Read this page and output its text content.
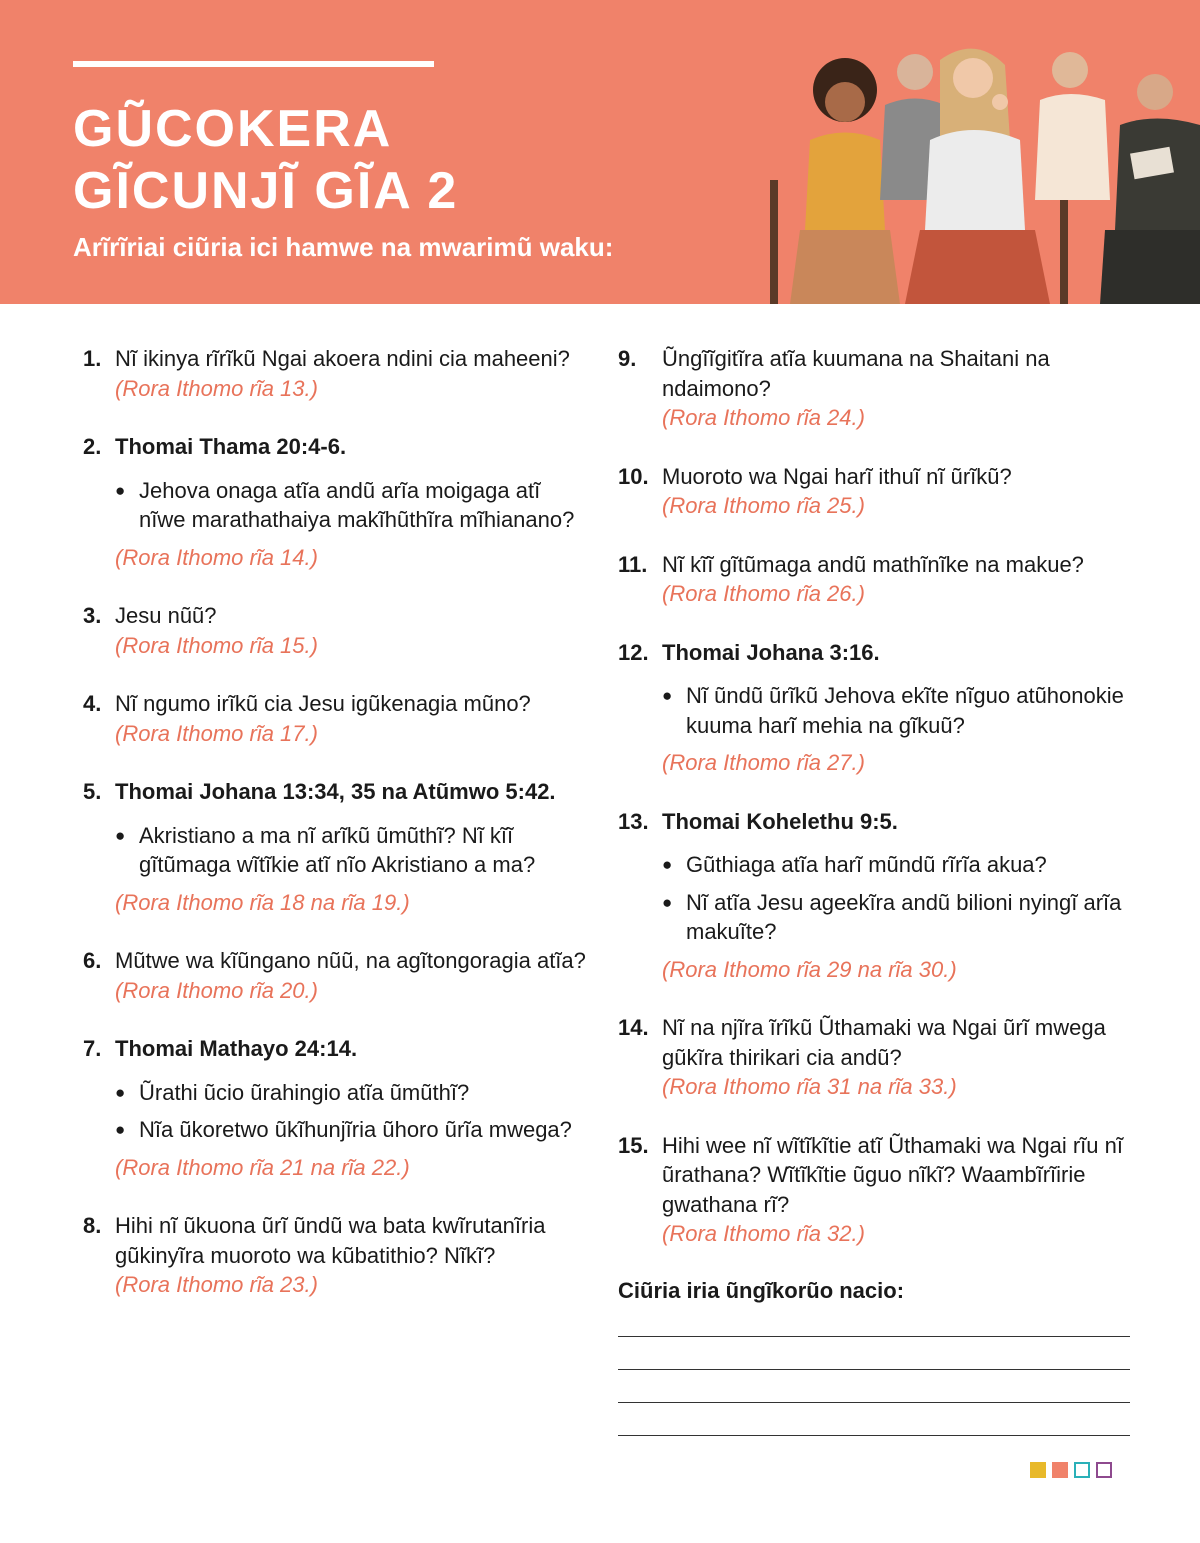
GŨCOKERA
GĨCUNJĨ GĨA 2
Arĩrĩriai ciũria ici hamwe na mwarimũ waku:
1. Nĩ ikinya rĩrĩkũ Ngai akoera ndini cia maheeni?
(Rora Ithomo rĩa 13.)
2. Thomai Thama 20:4-6.
● Jehova onaga atĩa andũ arĩa moigaga atĩ nĩwe marathathaiya makĩhũthĩra mĩhianano?
(Rora Ithomo rĩa 14.)
3. Jesu nũũ?
(Rora Ithomo rĩa 15.)
4. Nĩ ngumo irĩkũ cia Jesu igũkenagia mũno?
(Rora Ithomo rĩa 17.)
5. Thomai Johana 13:34, 35 na Atũmwo 5:42.
● Akristiano a ma nĩ arĩkũ ũmũthĩ? Nĩ kĩĩ gĩtũmaga wĩtĩkie atĩ nĩo Akristiano a ma?
(Rora Ithomo rĩa 18 na rĩa 19.)
6. Mũtwe wa kĩũngano nũũ, na agĩtongoragia atĩa?
(Rora Ithomo rĩa 20.)
7. Thomai Mathayo 24:14.
● Ũrathi ũcio ũrahingio atĩa ũmũthĩ?
● Nĩa ũkoretwo ũkĩhunjĩria ũhoro ũrĩa mwega?
(Rora Ithomo rĩa 21 na rĩa 22.)
8. Hihi nĩ ũkuona ũrĩ ũndũ wa bata kwĩrutanĩria gũkinyĩra muoroto wa kũbatithio? Nĩkĩ?
(Rora Ithomo rĩa 23.)
9.	Ũngĩĩgitĩra atĩa kuumana na Shaitani na ndaimono?
(Rora Ithomo rĩa 24.)
10. Muoroto wa Ngai harĩ ithuĩ nĩ ũrĩkũ?
(Rora Ithomo rĩa 25.)
11. Nĩ kĩĩ gĩtũmaga andũ mathĩnĩke na makue?
(Rora Ithomo rĩa 26.)
12. Thomai Johana 3:16.
● Nĩ ũndũ ũrĩkũ Jehova ekĩte nĩguo atũhonokie kuuma harĩ mehia na gĩkuũ?
(Rora Ithomo rĩa 27.)
13. Thomai Kohelethu 9:5.
● Gũthiaga atĩa harĩ mũndũ rĩrĩa akua?
● Nĩ atĩa Jesu ageekĩra andũ bilioni nyingĩ arĩa makuĩte?
(Rora Ithomo rĩa 29 na rĩa 30.)
14. Nĩ na njĩra ĩrĩkũ Ũthamaki wa Ngai ũrĩ mwega gũkĩra thirikari cia andũ?
(Rora Ithomo rĩa 31 na rĩa 33.)
15. Hihi wee nĩ wĩtĩkĩtie atĩ Ũthamaki wa Ngai rĩu nĩ ũrathana? Wĩtĩkĩtie ũguo nĩkĩ? Waambĩrĩirie gwathana rĩ?
(Rora Ithomo rĩa 32.)
Ciũria iria ũngĩkorũo nacio:
